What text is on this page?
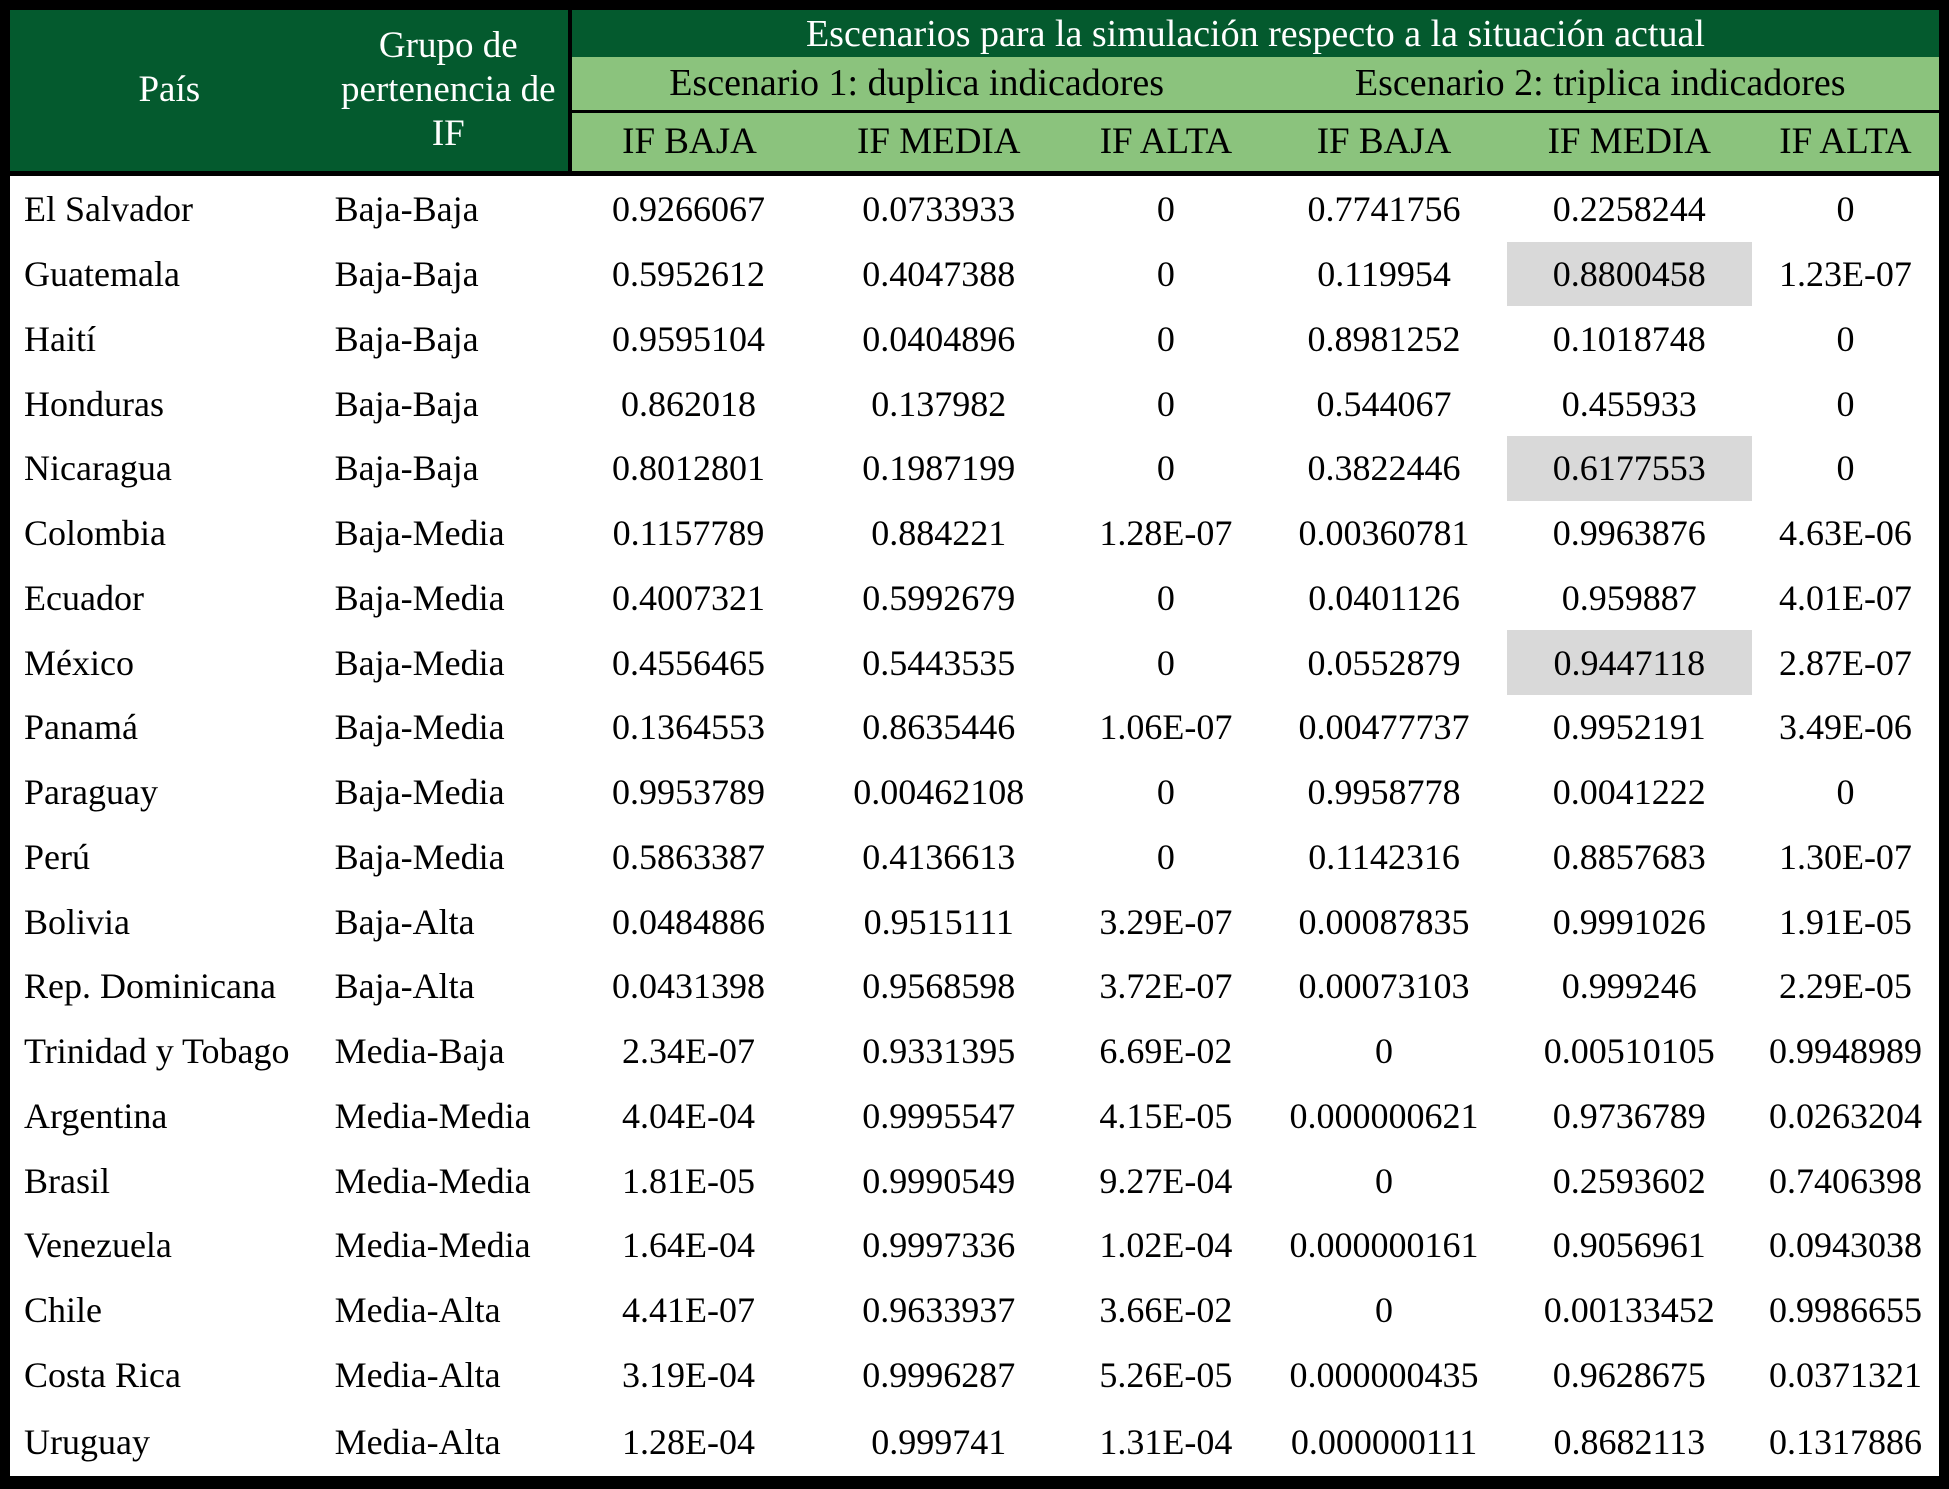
País	Grupo de pertenencia de IF	Escenarios para la simulación respecto a la situación actual					
		Escenario 1: duplica indicadores			Escenario 2: triplica indicadores		
		IF BAJA	IF MEDIA	IF ALTA	IF BAJA	IF MEDIA	IF ALTA
El Salvador	Baja-Baja	0.9266067	0.0733933	0	0.7741756	0.2258244	0
Guatemala	Baja-Baja	0.5952612	0.4047388	0	0.119954	0.8800458	1.23E-07
Haití	Baja-Baja	0.9595104	0.0404896	0	0.8981252	0.1018748	0
Honduras	Baja-Baja	0.862018	0.137982	0	0.544067	0.455933	0
Nicaragua	Baja-Baja	0.8012801	0.1987199	0	0.3822446	0.6177553	0
Colombia	Baja-Media	0.1157789	0.884221	1.28E-07	0.00360781	0.9963876	4.63E-06
Ecuador	Baja-Media	0.4007321	0.5992679	0	0.0401126	0.959887	4.01E-07
México	Baja-Media	0.4556465	0.5443535	0	0.0552879	0.9447118	2.87E-07
Panamá	Baja-Media	0.1364553	0.8635446	1.06E-07	0.00477737	0.9952191	3.49E-06
Paraguay	Baja-Media	0.9953789	0.00462108	0	0.9958778	0.0041222	0
Perú	Baja-Media	0.5863387	0.4136613	0	0.1142316	0.8857683	1.30E-07
Bolivia	Baja-Alta	0.0484886	0.9515111	3.29E-07	0.00087835	0.9991026	1.91E-05
Rep. Dominicana	Baja-Alta	0.0431398	0.9568598	3.72E-07	0.00073103	0.999246	2.29E-05
Trinidad y Tobago	Media-Baja	2.34E-07	0.9331395	6.69E-02	0	0.00510105	0.9948989
Argentina	Media-Media	4.04E-04	0.9995547	4.15E-05	0.000000621	0.9736789	0.0263204
Brasil	Media-Media	1.81E-05	0.9990549	9.27E-04	0	0.2593602	0.7406398
Venezuela	Media-Media	1.64E-04	0.9997336	1.02E-04	0.000000161	0.9056961	0.0943038
Chile	Media-Alta	4.41E-07	0.9633937	3.66E-02	0	0.00133452	0.9986655
Costa Rica	Media-Alta	3.19E-04	0.9996287	5.26E-05	0.000000435	0.9628675	0.0371321
Uruguay	Media-Alta	1.28E-04	0.999741	1.31E-04	0.000000111	0.8682113	0.1317886
